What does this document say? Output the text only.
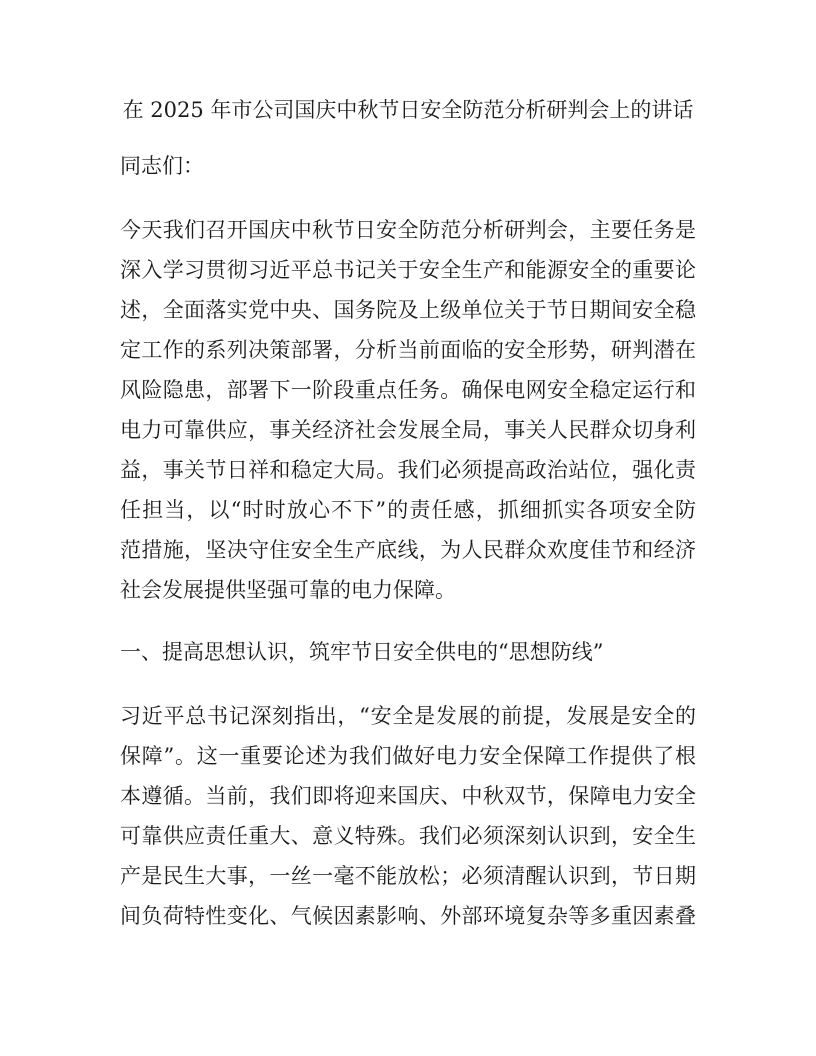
在 2025 年市公司国庆中秋节日安全防范分析研判会上的讲话
同志们：
今天我们召开国庆中秋节日安全防范分析研判会，主要任务是
深入学习贯彻习近平总书记关于安全生产和能源安全的重要论
述，全面落实党中央、国务院及上级单位关于节日期间安全稳
定工作的系列决策部署，分析当前面临的安全形势，研判潜在
风险隐患，部署下一阶段重点任务。确保电网安全稳定运行和
电力可靠供应，事关经济社会发展全局，事关人民群众切身利
益，事关节日祥和稳定大局。我们必须提高政治站位，强化责
任担当，以“时时放心不下”的责任感，抓细抓实各项安全防
范措施，坚决守住安全生产底线，为人民群众欢度佳节和经济
社会发展提供坚强可靠的电力保障。
一、提高思想认识，筑牢节日安全供电的“思想防线”
习近平总书记深刻指出，“安全是发展的前提，发展是安全的
保障”。这一重要论述为我们做好电力安全保障工作提供了根
本遵循。当前，我们即将迎来国庆、中秋双节，保障电力安全
可靠供应责任重大、意义特殊。我们必须深刻认识到，安全生
产是民生大事，一丝一毫不能放松；必须清醒认识到，节日期
间负荷特性变化、气候因素影响、外部环境复杂等多重因素叠
